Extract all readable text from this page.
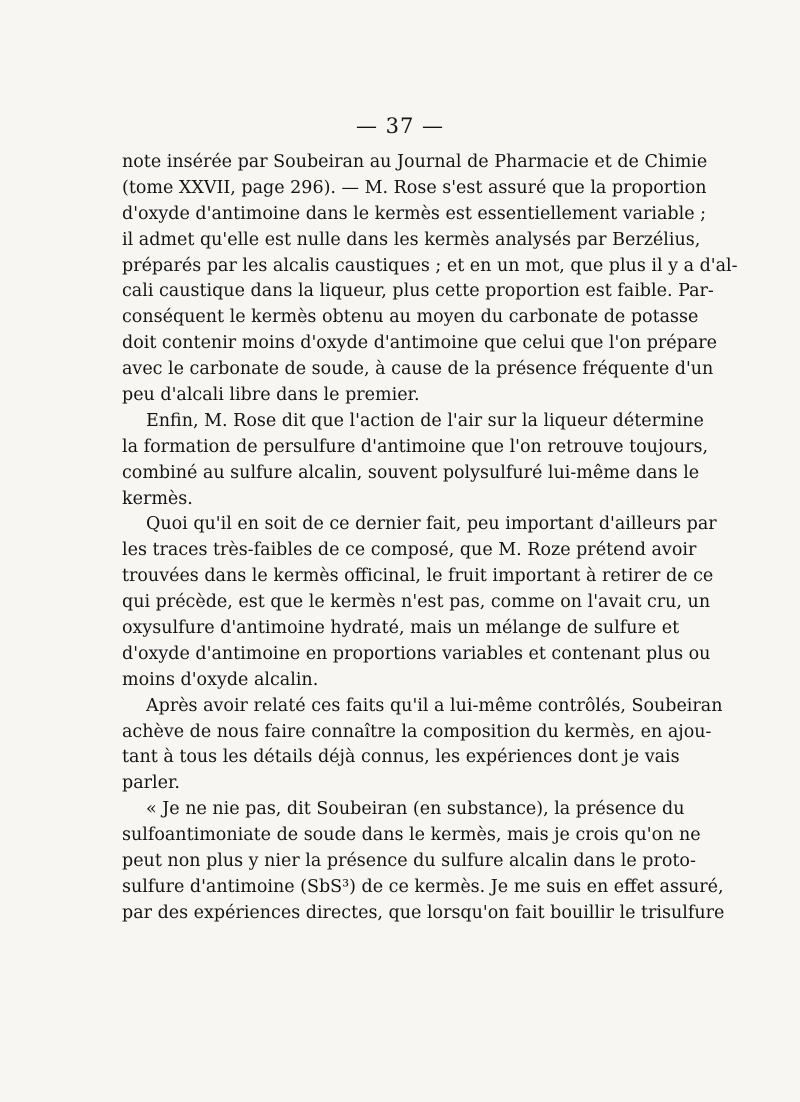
— 37 —
note insérée par Soubeiran au Journal de Pharmacie et de Chimie
(tome XXVII, page 296). — M. Rose s'est assuré que la proportion
d'oxyde d'antimoine dans le kermès est essentiellement variable ;
il admet qu'elle est nulle dans les kermès analysés par Berzélius,
préparés par les alcalis caustiques ; et en un mot, que plus il y a d'al-
cali caustique dans la liqueur, plus cette proportion est faible. Par-
conséquent le kermès obtenu au moyen du carbonate de potasse
doit contenir moins d'oxyde d'antimoine que celui que l'on prépare
avec le carbonate de soude, à cause de la présence fréquente d'un
peu d'alcali libre dans le premier.
Enfin, M. Rose dit que l'action de l'air sur la liqueur détermine
la formation de persulfure d'antimoine que l'on retrouve toujours,
combiné au sulfure alcalin, souvent polysulfuré lui-même dans le
kermès.
Quoi qu'il en soit de ce dernier fait, peu important d'ailleurs par
les traces très-faibles de ce composé, que M. Roze prétend avoir
trouvées dans le kermès officinal, le fruit important à retirer de ce
qui précède, est que le kermès n'est pas, comme on l'avait cru, un
oxysulfure d'antimoine hydraté, mais un mélange de sulfure et
d'oxyde d'antimoine en proportions variables et contenant plus ou
moins d'oxyde alcalin.
Après avoir relaté ces faits qu'il a lui-même contrôlés, Soubeiran
achève de nous faire connaître la composition du kermès, en ajou-
tant à tous les détails déjà connus, les expériences dont je vais
parler.
« Je ne nie pas, dit Soubeiran (en substance), la présence du
sulfoantimoniate de soude dans le kermès, mais je crois qu'on ne
peut non plus y nier la présence du sulfure alcalin dans le proto-
sulfure d'antimoine (SbS³) de ce kermès. Je me suis en effet assuré,
par des expériences directes, que lorsqu'on fait bouillir le trisulfure
